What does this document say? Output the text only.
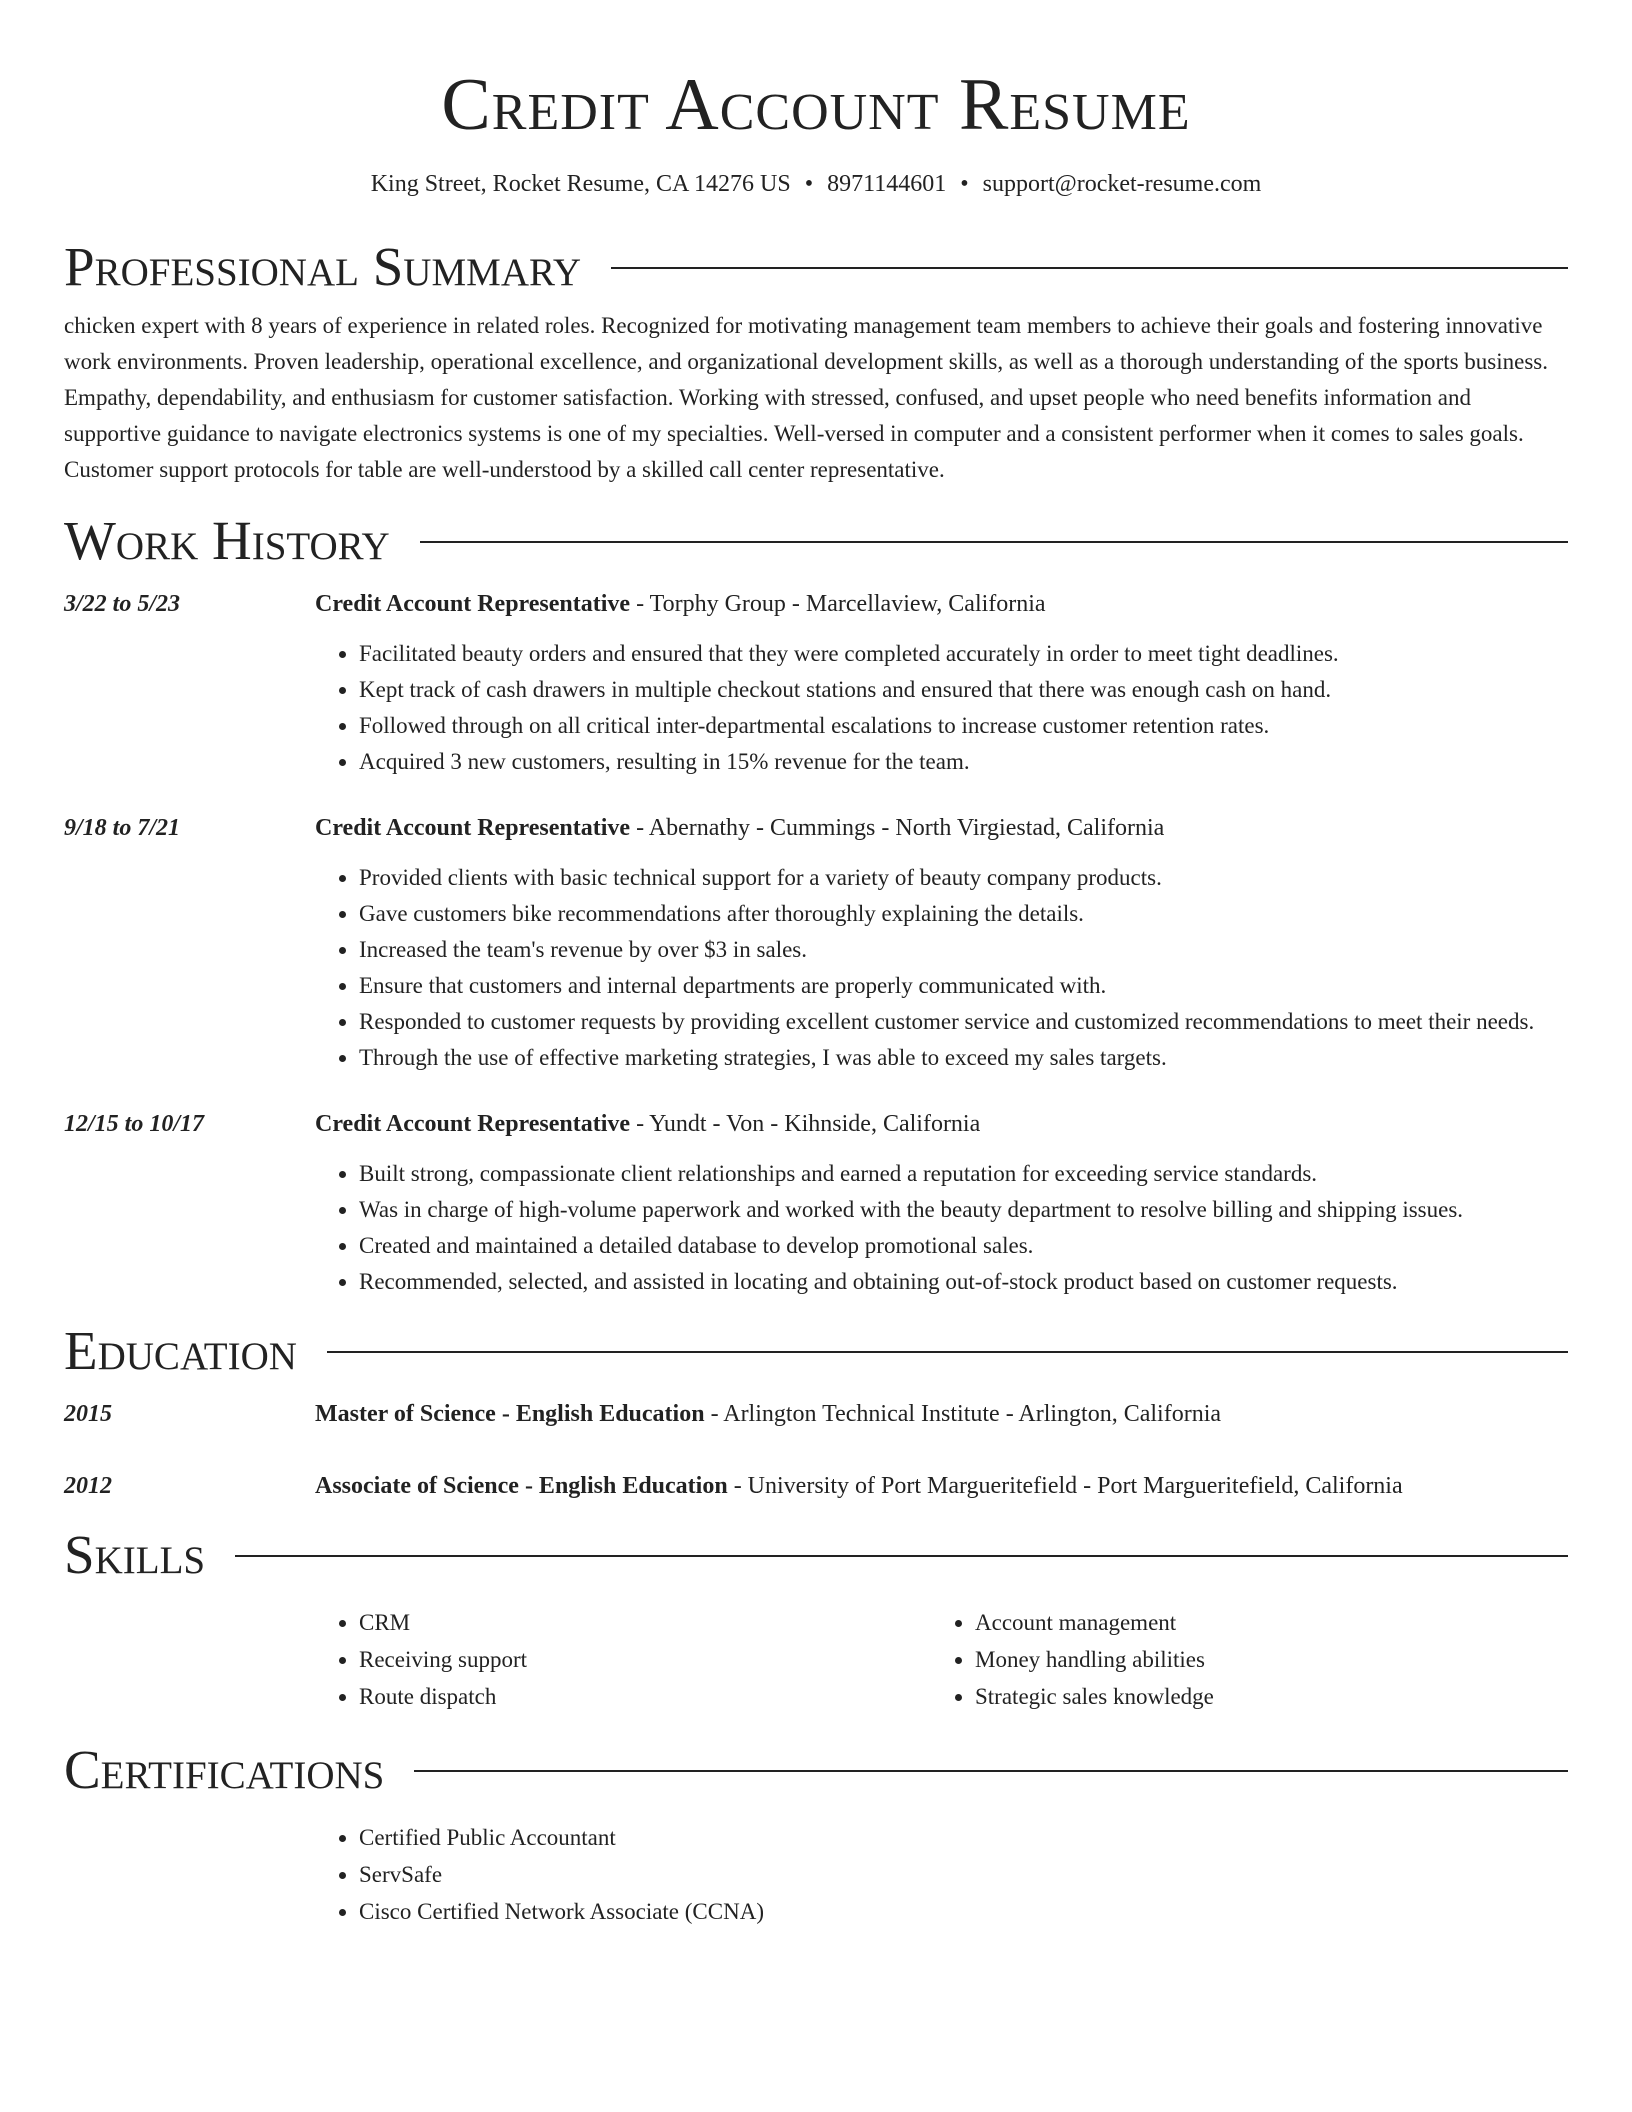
Credit Account Resume
King Street, Rocket Resume, CA 14276 US • 8971144601 • support@rocket-resume.com
Professional Summary

chicken expert with 8 years of experience in related roles. Recognized for motivating management team members to achieve their goals and fostering innovative work environments. Proven leadership, operational excellence, and organizational development skills, as well as a thorough understanding of the sports business. Empathy, dependability, and enthusiasm for customer satisfaction. Working with stressed, confused, and upset people who need benefits information and supportive guidance to navigate electronics systems is one of my specialties. Well-versed in computer and a consistent performer when it comes to sales goals. Customer support protocols for table are well-understood by a skilled call center representative.

Work History
3/22 to 5/23	Credit Account Representative - Torphy Group - Marcellaview, California
• Facilitated beauty orders and ensured that they were completed accurately in order to meet tight deadlines.
• Kept track of cash drawers in multiple checkout stations and ensured that there was enough cash on hand.
• Followed through on all critical inter-departmental escalations to increase customer retention rates.
• Acquired 3 new customers, resulting in 15% revenue for the team.
9/18 to 7/21	Credit Account Representative - Abernathy - Cummings - North Virgiestad, California
• Provided clients with basic technical support for a variety of beauty company products.
• Gave customers bike recommendations after thoroughly explaining the details.
• Increased the team's revenue by over $3 in sales.
• Ensure that customers and internal departments are properly communicated with.
• Responded to customer requests by providing excellent customer service and customized recommendations to meet their needs.
• Through the use of effective marketing strategies, I was able to exceed my sales targets.
12/15 to 10/17	Credit Account Representative - Yundt - Von - Kihnside, California
• Built strong, compassionate client relationships and earned a reputation for exceeding service standards.
• Was in charge of high-volume paperwork and worked with the beauty department to resolve billing and shipping issues.
• Created and maintained a detailed database to develop promotional sales.
• Recommended, selected, and assisted in locating and obtaining out-of-stock product based on customer requests.
Education
2015	Master of Science - English Education - Arlington Technical Institute - Arlington, California
2012	Associate of Science - English Education - University of Port Margueritefield - Port Margueritefield, California
Skills
• CRM
• Receiving support
• Route dispatch
• Account management
• Money handling abilities
• Strategic sales knowledge
Certifications
• Certified Public Accountant
• ServSafe
• Cisco Certified Network Associate (CCNA)
